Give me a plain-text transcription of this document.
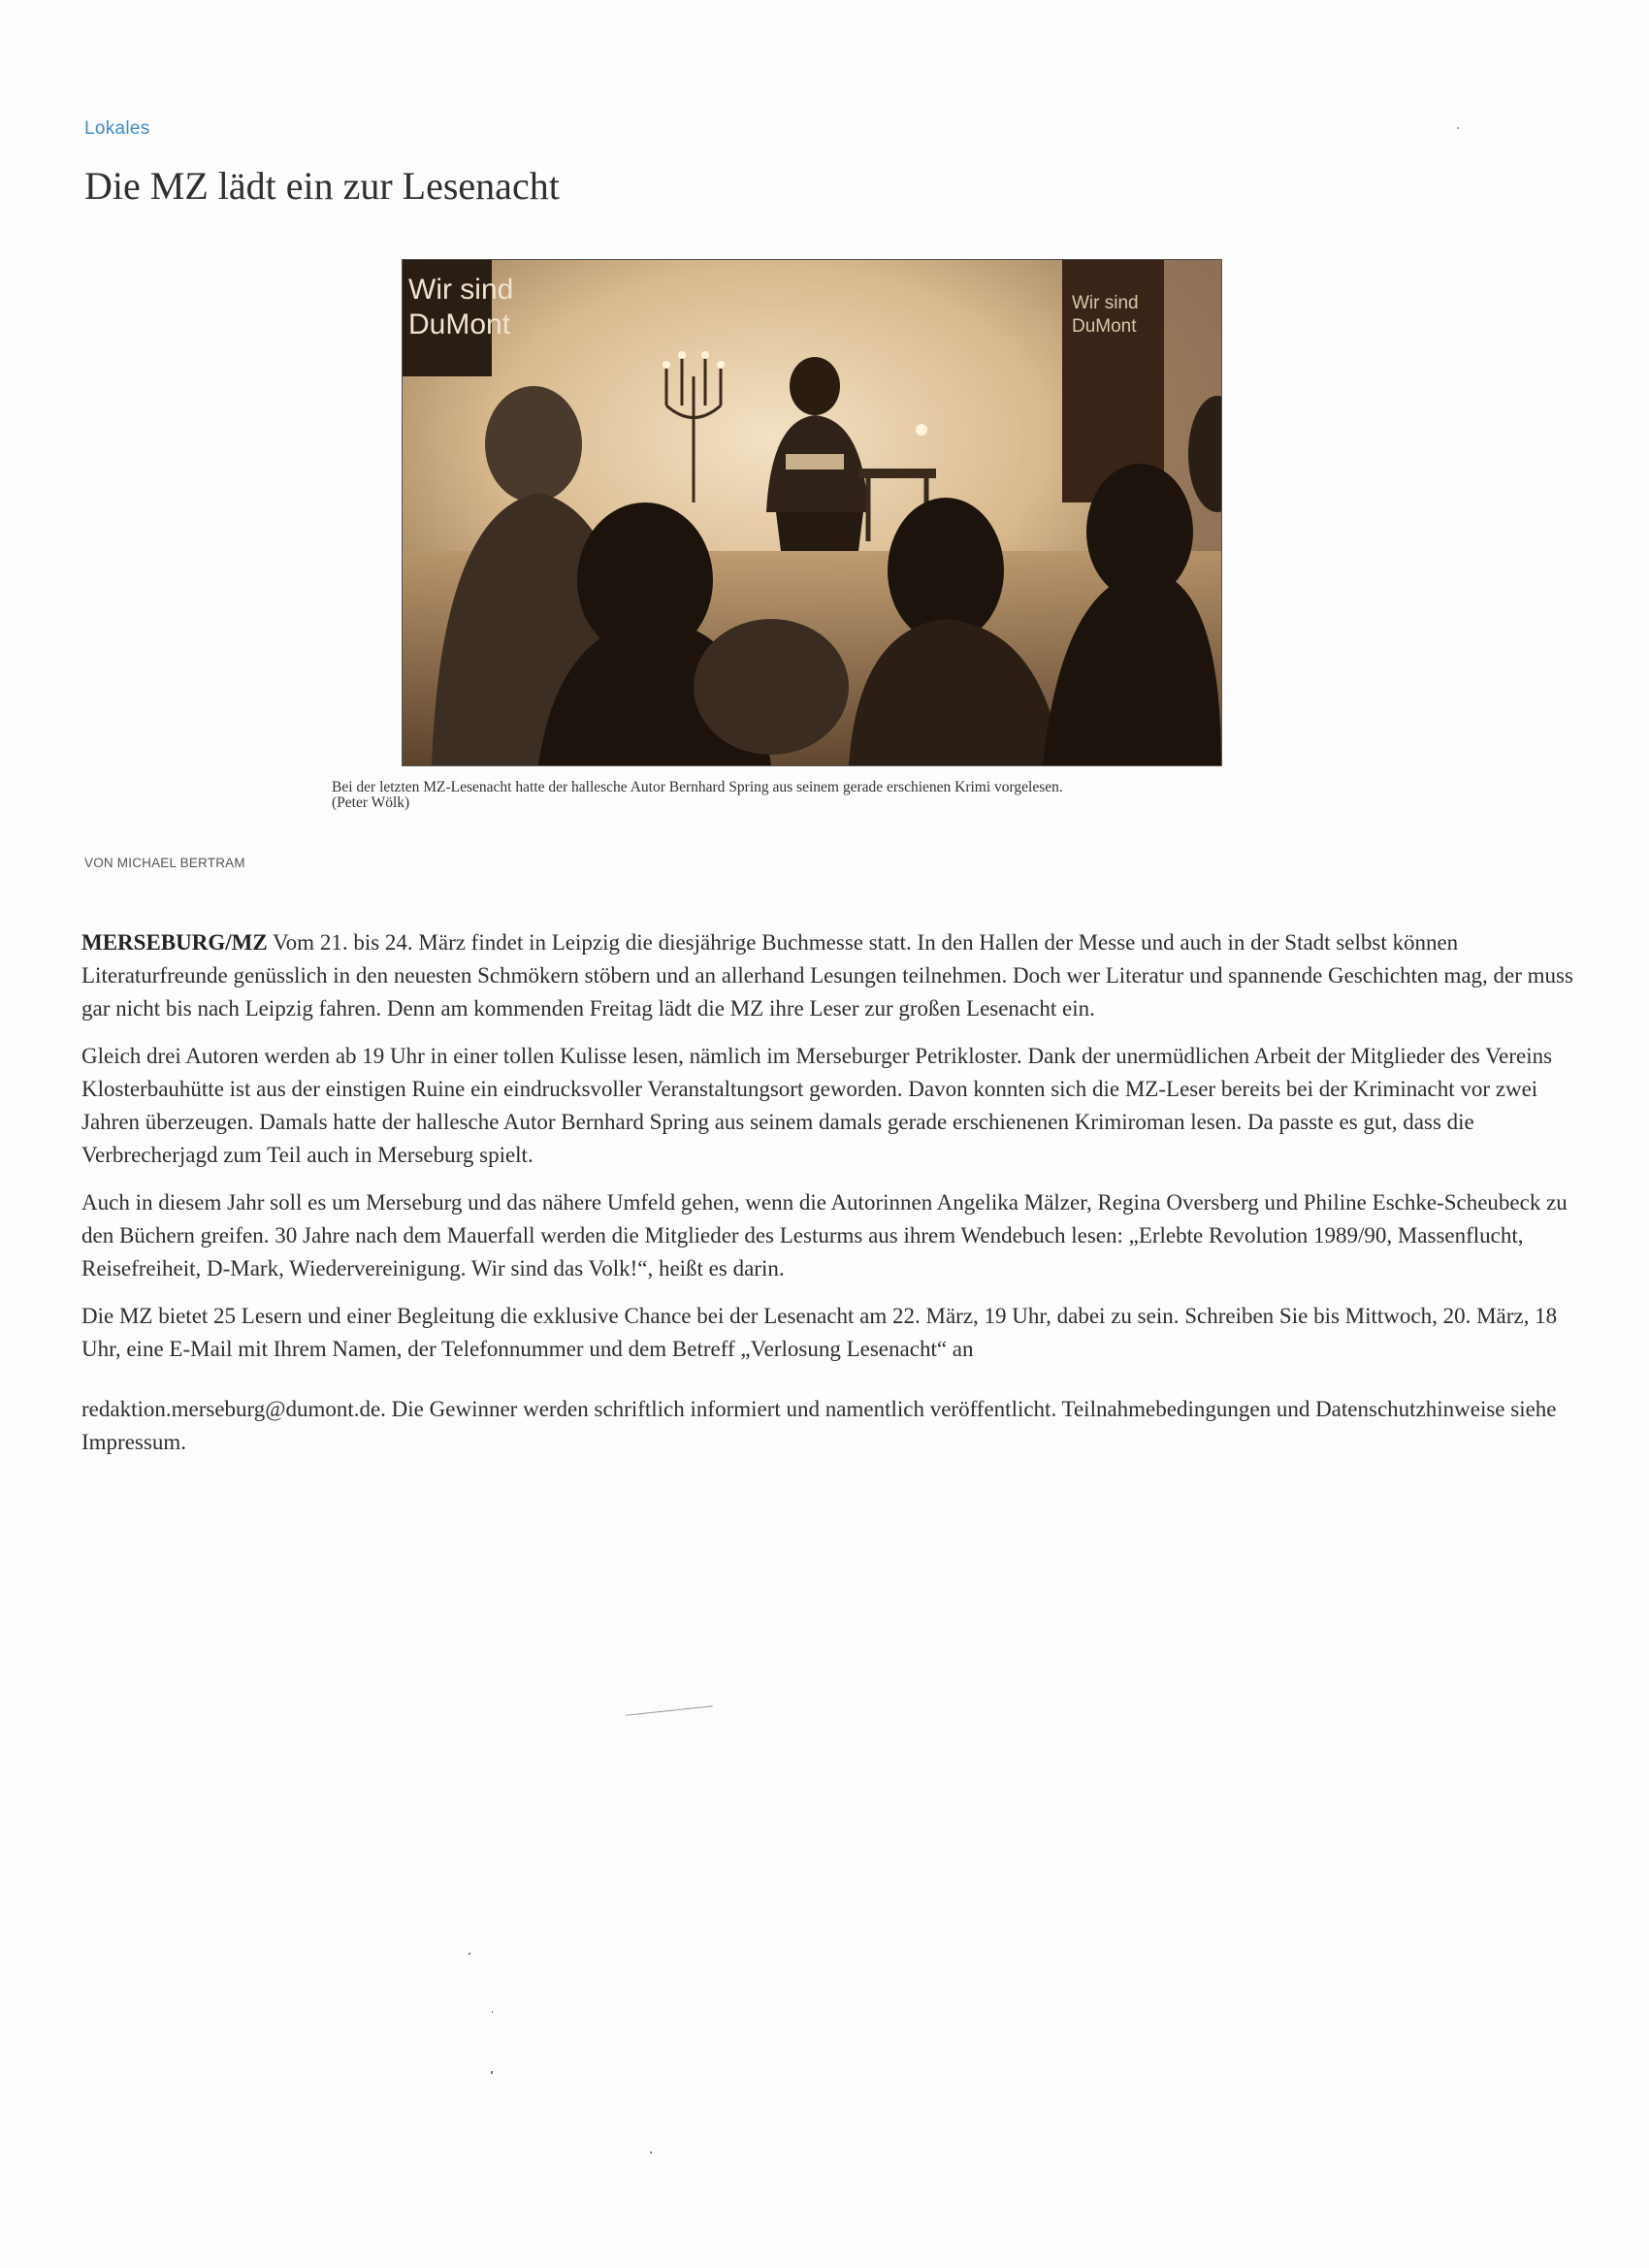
Lokales
Die MZ lädt ein zur Lesenacht
Wir sind
DuMont
Wir sind
DuMont

Bei der letzten MZ-Lesenacht hatte der hallesche Autor Bernhard Spring aus seinem gerade erschienen Krimi vorgelesen.

(Peter Wölk)

VON MICHAEL BERTRAM

MERSEBURG/MZ Vom 21. bis 24. März findet in Leipzig die diesjährige Buchmesse statt. In den Hallen der Messe und auch in der Stadt selbst können Literaturfreunde genüsslich in den neuesten Schmökern stöbern und an allerhand Lesungen teilnehmen. Doch wer Literatur und spannende Geschichten mag, der muss gar nicht bis nach Leipzig fahren. Denn am kommenden Freitag lädt die MZ ihre Leser zur großen Lesenacht ein.

Gleich drei Autoren werden ab 19 Uhr in einer tollen Kulisse lesen, nämlich im Merseburger Petrikloster. Dank der unermüdlichen Arbeit der Mitglieder des Vereins Klosterbauhütte ist aus der einstigen Ruine ein eindrucksvoller Veranstaltungsort geworden. Davon konnten sich die MZ-Leser bereits bei der Kriminacht vor zwei Jahren überzeugen. Damals hatte der hallesche Autor Bernhard Spring aus seinem damals gerade erschienenen Krimiroman lesen. Da passte es gut, dass die Verbrecherjagd zum Teil auch in Merseburg spielt.

Auch in diesem Jahr soll es um Merseburg und das nähere Umfeld gehen, wenn die Autorinnen Angelika Mälzer, Regina Oversberg und Philine Eschke-Scheubeck zu den Büchern greifen. 30 Jahre nach dem Mauerfall werden die Mitglieder des Lesturms aus ihrem Wendebuch lesen: „Erlebte Revolution 1989/90, Massenflucht, Reisefreiheit, D-Mark, Wiedervereinigung. Wir sind das Volk!“, heißt es darin.

Die MZ bietet 25 Lesern und einer Begleitung die exklusive Chance bei der Lesenacht am 22. März, 19 Uhr, dabei zu sein. Schreiben Sie bis Mittwoch, 20. März, 18 Uhr, eine E-Mail mit Ihrem Namen, der Telefonnummer und dem Betreff „Verlosung Lesenacht“ an

redaktion.merseburg@dumont.de. Die Gewinner werden schriftlich informiert und namentlich veröffentlicht. Teilnahmebedingungen und Datenschutzhinweise siehe Impressum.
